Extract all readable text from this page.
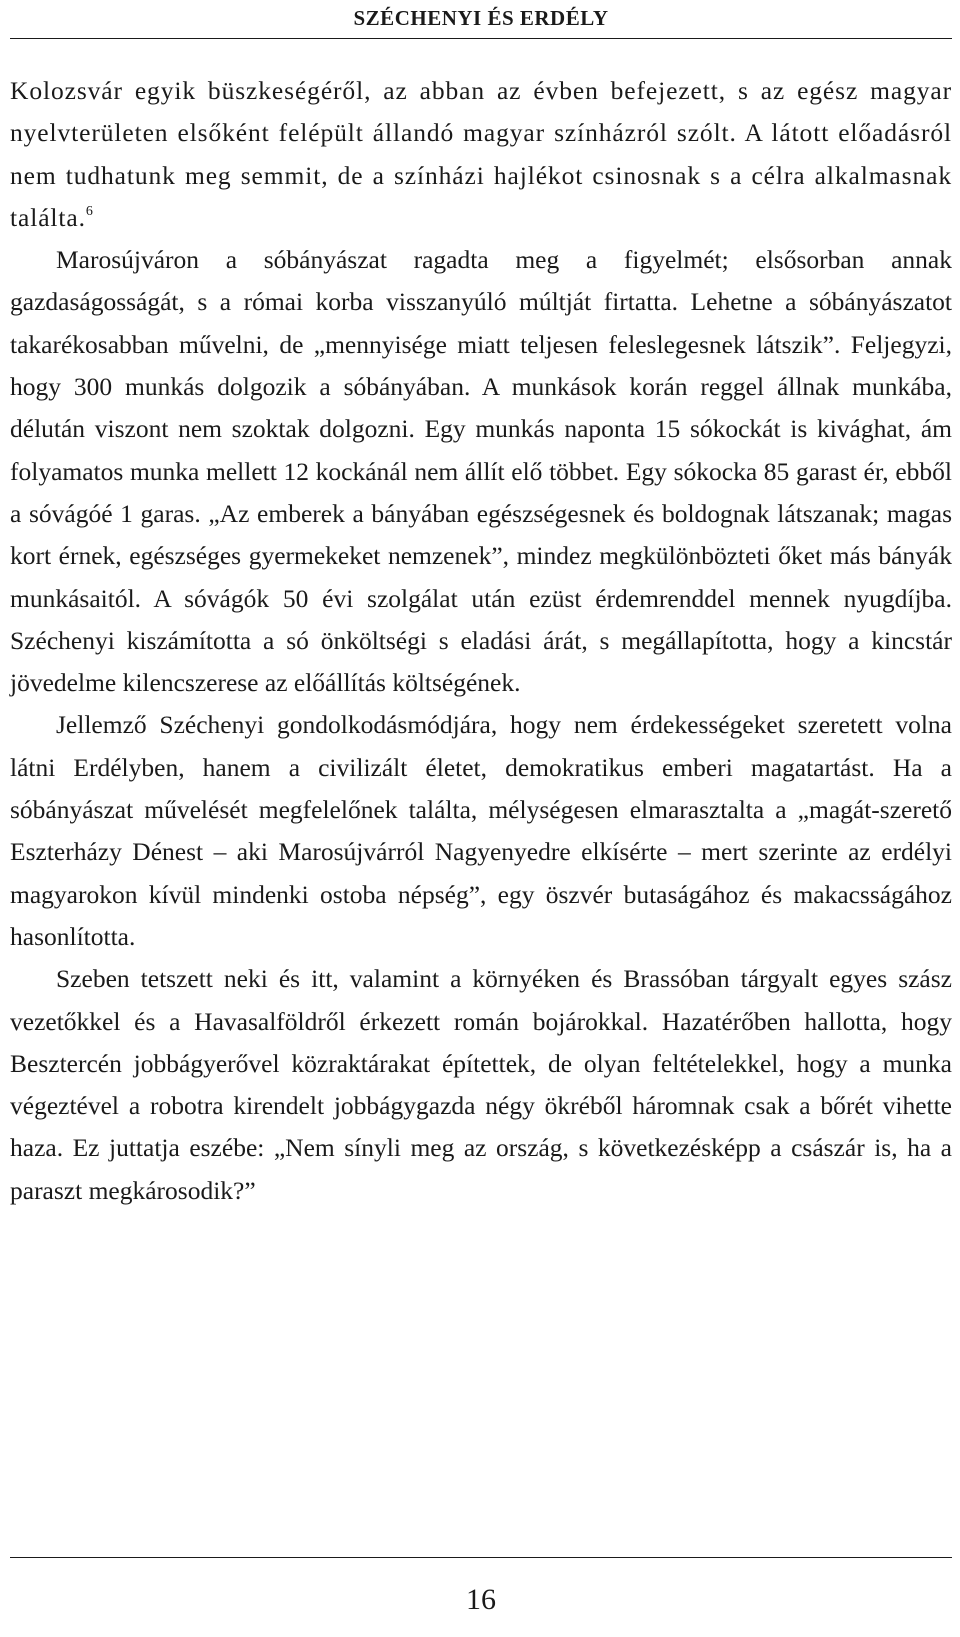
SZÉCHENYI ÉS ERDÉLY

Kolozsvár egyik büszkeségéről, az abban az évben befejezett, s az egész magyar nyelvterületen elsőként felépült állandó magyar színházról szólt. A látott előadásról nem tudhatunk meg semmit, de a színházi hajlékot csinosnak s a célra alkalmasnak találta.$^6$

Marosújváron a sóbányászat ragadta meg a figyelmét; elsősorban annak gazdaságosságát, s a római korba visszanyúló múltját firtatta. Lehetne a sóbányászatot takarékosabban művelni, de „mennyisége miatt teljesen feleslegesnek látszik”. Feljegyzi, hogy 300 munkás dolgozik a sóbányában. A munkások korán reggel állnak munkába, délután viszont nem szoktak dolgozni. Egy munkás naponta 15 sókockát is kivághat, ám folyamatos munka mellett 12 kockánál nem állít elő többet. Egy sókocka 85 garast ér, ebből a sóvágóé 1 garas. „Az emberek a bányában egészségesnek és boldognak látszanak; magas kort érnek, egészséges gyermekeket nemzenek”, mindez megkülönbözteti őket más bányák munkásaitól. A sóvágók 50 évi szolgálat után ezüst érdemrenddel mennek nyugdíjba. Széchenyi kiszámította a só önköltségi s eladási árát, s megállapította, hogy a kincstár jövedelme kilencszerese az előállítás költségének.

Jellemző Széchenyi gondolkodásmódjára, hogy nem érdekességeket szeretett volna látni Erdélyben, hanem a civilizált életet, demokratikus emberi magatartást. Ha a sóbányászat művelését megfelelőnek találta, mélységesen elmarasztalta a „magát-szerető Eszterházy Dénest – aki Marosújvárról Nagyenyedre elkísérte – mert szerinte az erdélyi magyarokon kívül mindenki ostoba népség”, egy öszvér butaságához és makacsságához hasonlította.

Szeben tetszett neki és itt, valamint a környéken és Brassóban tárgyalt egyes szász vezetőkkel és a Havasalföldről érkezett román bojárokkal. Hazatérőben hallotta, hogy Besztercén jobbágyerővel közraktárakat építettek, de olyan feltételekkel, hogy a munka végeztével a robotra kirendelt jobbágygazda négy ökréből háromnak csak a bőrét vihette haza. Ez juttatja eszébe: „Nem sínyli meg az ország, s következésképp a császár is, ha a paraszt megkárosodik?”

16
